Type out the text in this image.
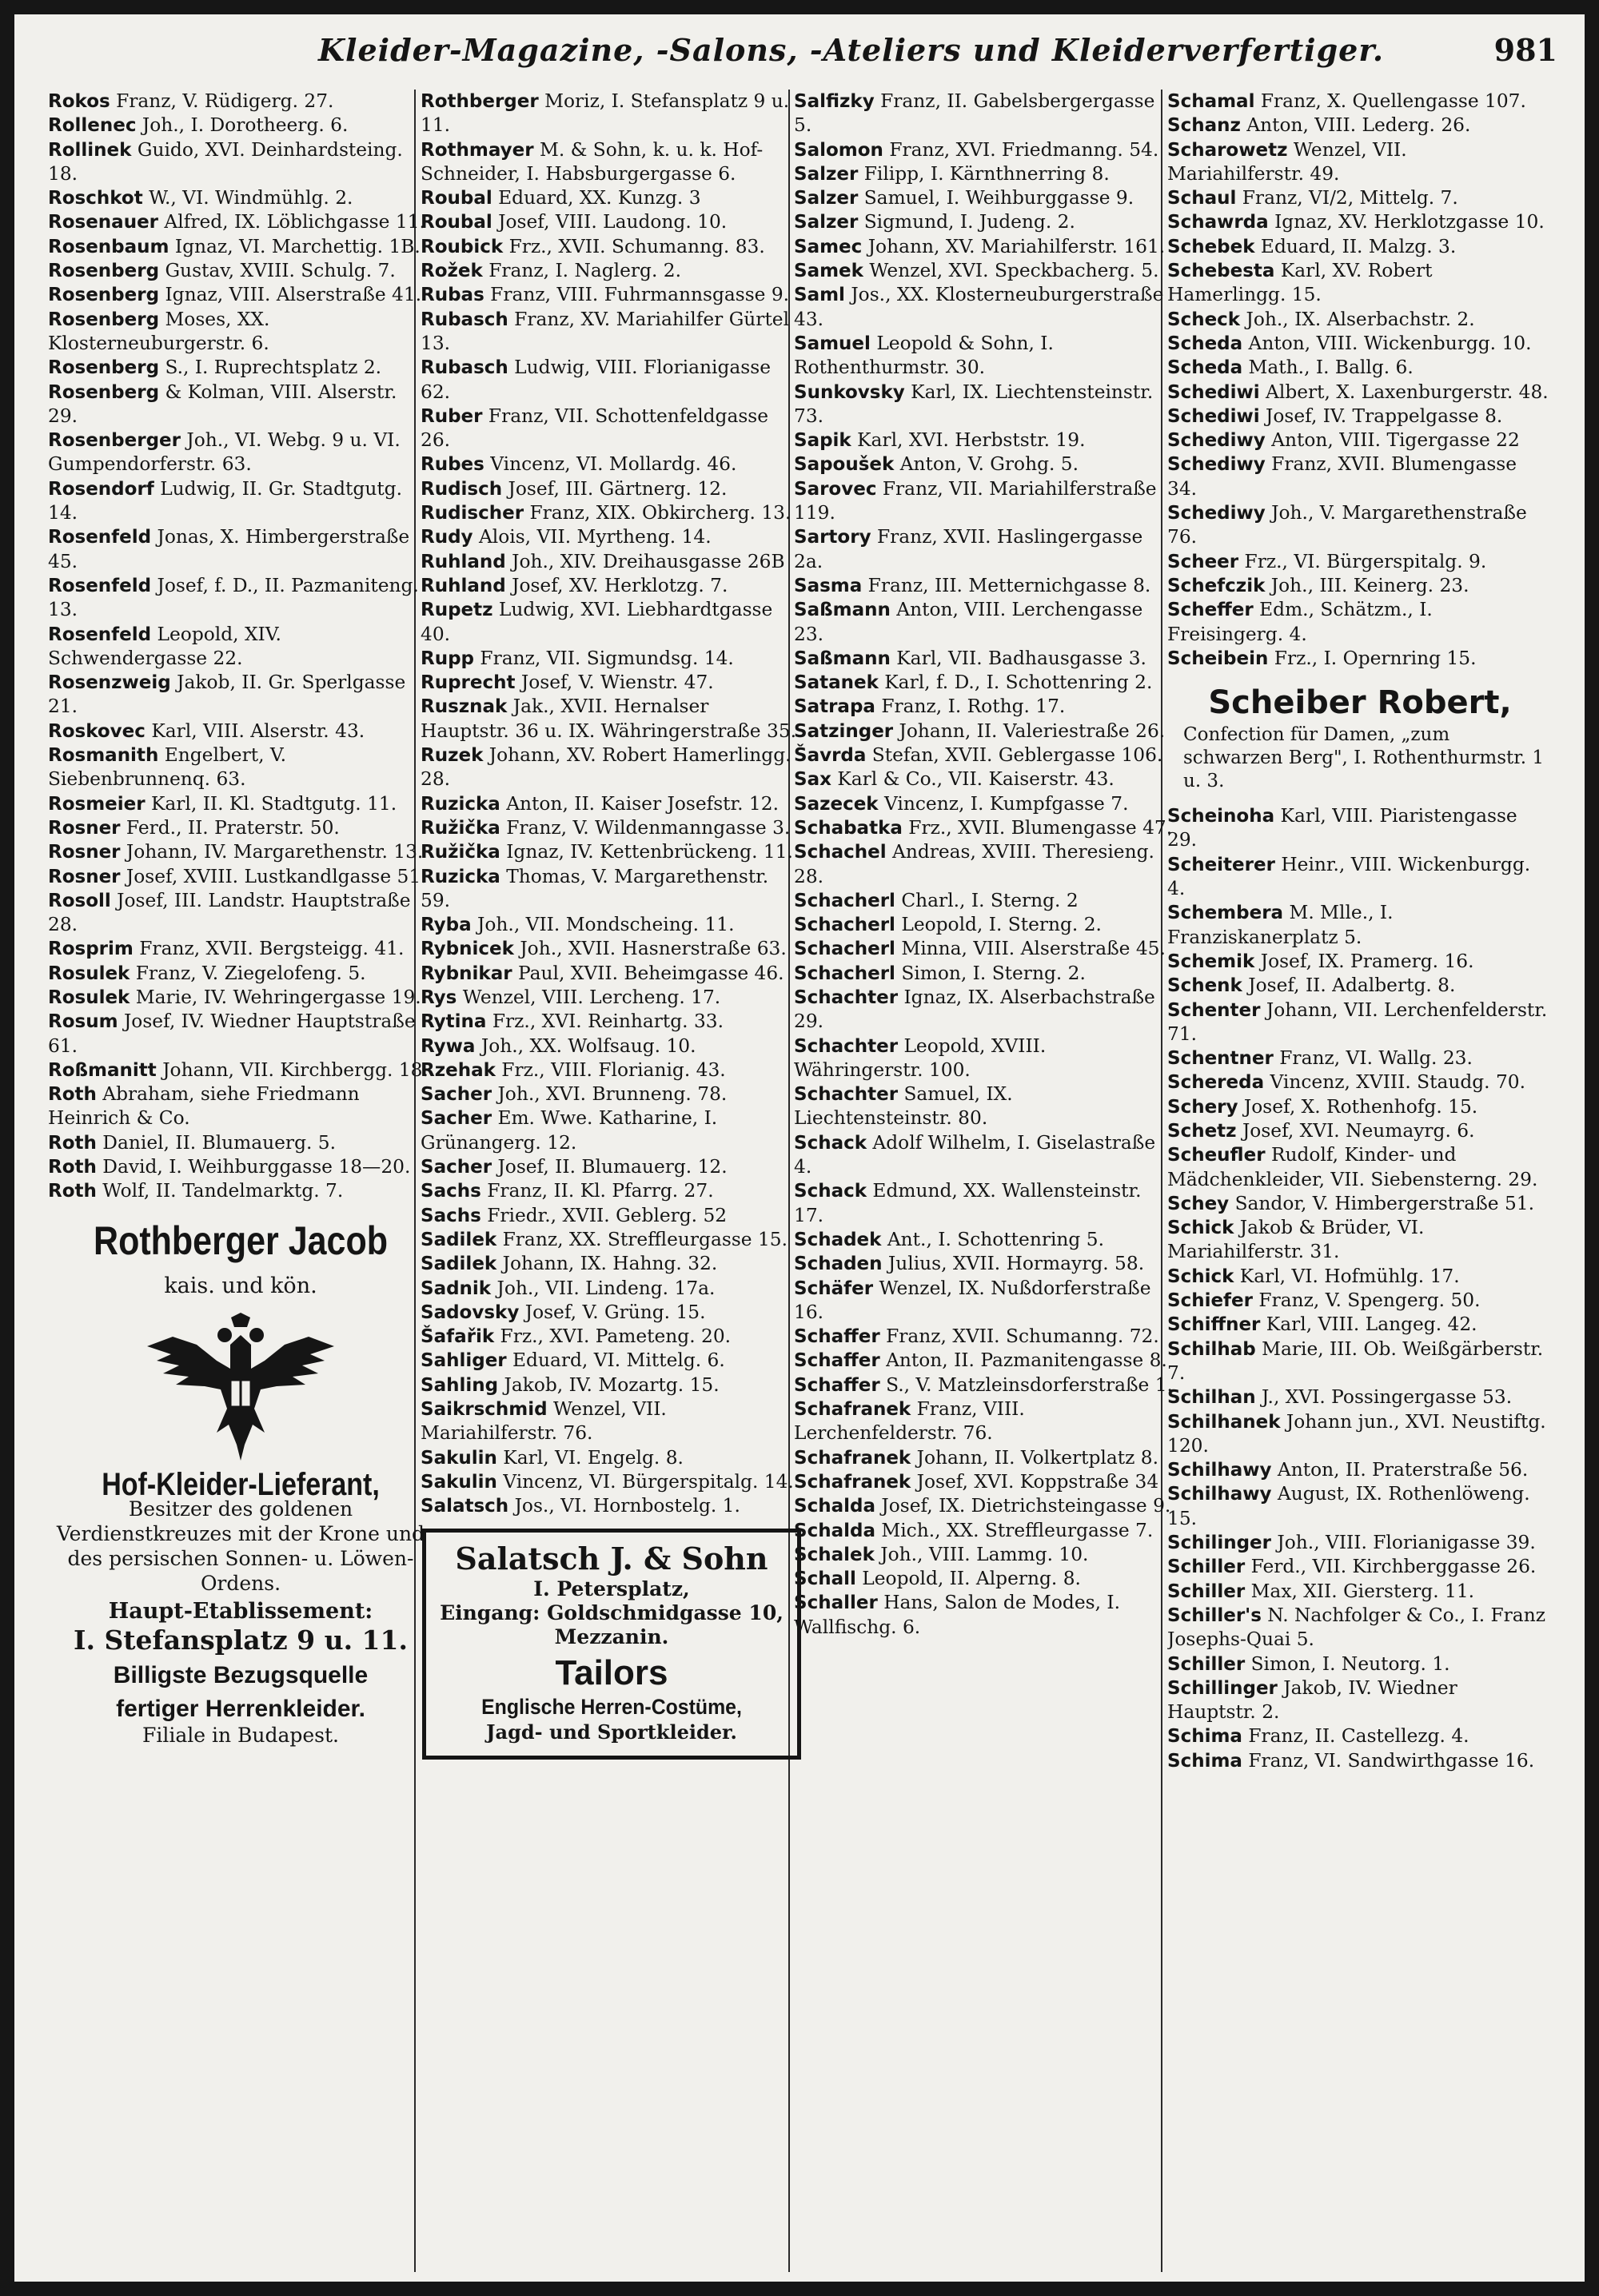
Kleider-Magazine, -Salons, -Ateliers und Kleiderverfertiger.	981
Rokos Franz, V. Rüdigerg. 27.
Rollenec Joh., I. Dorotheerg. 6.
Rollinek Guido, XVI. Deinhardsteing. 18.
Roschkot W., VI. Windmühlg. 2.
Rosenauer Alfred, IX. Löblichgasse 11.
Rosenbaum Ignaz, VI. Marchettig. 1B.
Rosenberg Gustav, XVIII. Schulg. 7.
Rosenberg Ignaz, VIII. Alserstraße 41.
Rosenberg Moses, XX. Klosterneuburgerstr. 6.
Rosenberg S., I. Ruprechtsplatz 2.
Rosenberg & Kolman, VIII. Alserstr. 29.
Rosenberger Joh., VI. Webg. 9 u. VI. Gumpendorferstr. 63.
Rosendorf Ludwig, II. Gr. Stadtgutg. 14.
Rosenfeld Jonas, X. Himbergerstraße 45.
Rosenfeld Josef, f. D., II. Pazmaniteng. 13.
Rosenfeld Leopold, XIV. Schwendergasse 22.
Rosenzweig Jakob, II. Gr. Sperlgasse 21.
Roskovec Karl, VIII. Alserstr. 43.
Rosmanith Engelbert, V. Siebenbrunnenq. 63.
Rosmeier Karl, II. Kl. Stadtgutg. 11.
Rosner Ferd., II. Praterstr. 50.
Rosner Johann, IV. Margarethenstr. 13.
Rosner Josef, XVIII. Lustkandlgasse 51.
Rosoll Josef, III. Landstr. Hauptstraße 28.
Rosprim Franz, XVII. Bergsteigg. 41.
Rosulek Franz, V. Ziegelofeng. 5.
Rosulek Marie, IV. Wehringergasse 19.
Rosum Josef, IV. Wiedner Hauptstraße 61.
Roßmanitt Johann, VII. Kirchbergg. 18.
Roth Abraham, siehe Friedmann Heinrich & Co.
Roth Daniel, II. Blumauerg. 5.
Roth David, I. Weihburggasse 18—20.
Roth Wolf, II. Tandelmarktg. 7.
Rothberger Jacob
kais. und kön.
Hof-Kleider-Lieferant,
Besitzer des goldenen Verdienstkreuzes mit der Krone und des persischen Sonnen- u. Löwen-Ordens.
Haupt-Etablissement:
I. Stefansplatz 9 u. 11.
Billigste Bezugsquelle
fertiger Herrenkleider.
Filiale in Budapest.
Rothberger Moriz, I. Stefansplatz 9 u. 11.
Rothmayer M. & Sohn, k. u. k. Hof-Schneider, I. Habsburgergasse 6.
Roubal Eduard, XX. Kunzg. 3
Roubal Josef, VIII. Laudong. 10.
Roubick Frz., XVII. Schumanng. 83.
Rožek Franz, I. Naglerg. 2.
Rubas Franz, VIII. Fuhrmannsgasse 9.
Rubasch Franz, XV. Mariahilfer Gürtel 13.
Rubasch Ludwig, VIII. Florianigasse 62.
Ruber Franz, VII. Schottenfeldgasse 26.
Rubes Vincenz, VI. Mollardg. 46.
Rudisch Josef, III. Gärtnerg. 12.
Rudischer Franz, XIX. Obkircherg. 13.
Rudy Alois, VII. Myrtheng. 14.
Ruhland Joh., XIV. Dreihausgasse 26B
Ruhland Josef, XV. Herklotzg. 7.
Rupetz Ludwig, XVI. Liebhardtgasse 40.
Rupp Franz, VII. Sigmundsg. 14.
Ruprecht Josef, V. Wienstr. 47.
Rusznak Jak., XVII. Hernalser Hauptstr. 36 u. IX. Währingerstraße 35.
Ruzek Johann, XV. Robert Hamerlingg. 28.
Ruzicka Anton, II. Kaiser Josefstr. 12.
Ružička Franz, V. Wildenmanngasse 3.
Ružička Ignaz, IV. Kettenbrückeng. 11.
Ruzicka Thomas, V. Margarethenstr. 59.
Ryba Joh., VII. Mondscheing. 11.
Rybnicek Joh., XVII. Hasnerstraße 63.
Rybnikar Paul, XVII. Beheimgasse 46.
Rys Wenzel, VIII. Lercheng. 17.
Rytina Frz., XVI. Reinhartg. 33.
Rywa Joh., XX. Wolfsaug. 10.
Rzehak Frz., VIII. Florianig. 43.
Sacher Joh., XVI. Brunneng. 78.
Sacher Em. Wwe. Katharine, I. Grünangerg. 12.
Sacher Josef, II. Blumauerg. 12.
Sachs Franz, II. Kl. Pfarrg. 27.
Sachs Friedr., XVII. Geblerg. 52
Sadilek Franz, XX. Streffleurgasse 15.
Sadilek Johann, IX. Hahng. 32.
Sadnik Joh., VII. Lindeng. 17a.
Sadovsky Josef, V. Grüng. 15.
Šafařik Frz., XVI. Pameteng. 20.
Sahliger Eduard, VI. Mittelg. 6.
Sahling Jakob, IV. Mozartg. 15.
Saikrschmid Wenzel, VII. Mariahilferstr. 76.
Sakulin Karl, VI. Engelg. 8.
Sakulin Vincenz, VI. Bürgerspitalg. 14.
Salatsch Jos., VI. Hornbostelg. 1.
Salatsch J. & Sohn
I. Petersplatz,
Eingang: Goldschmidgasse 10, Mezzanin.
Tailors
Englische Herren-Costüme,
Jagd- und Sportkleider.
Salfizky Franz, II. Gabelsbergergasse 5.
Salomon Franz, XVI. Friedmanng. 54.
Salzer Filipp, I. Kärnthnerring 8.
Salzer Samuel, I. Weihburggasse 9.
Salzer Sigmund, I. Judeng. 2.
Samec Johann, XV. Mariahilferstr. 161.
Samek Wenzel, XVI. Speckbacherg. 5.
Saml Jos., XX. Klosterneuburgerstraße 43.
Samuel Leopold & Sohn, I. Rothenthurmstr. 30.
Sunkovsky Karl, IX. Liechtensteinstr. 73.
Sapik Karl, XVI. Herbststr. 19.
Sapoušek Anton, V. Grohg. 5.
Sarovec Franz, VII. Mariahilferstraße 119.
Sartory Franz, XVII. Haslingergasse 2a.
Sasma Franz, III. Metternichgasse 8.
Saßmann Anton, VIII. Lerchengasse 23.
Saßmann Karl, VII. Badhausgasse 3.
Satanek Karl, f. D., I. Schottenring 2.
Satrapa Franz, I. Rothg. 17.
Satzinger Johann, II. Valeriestraße 26.
Šavrda Stefan, XVII. Geblergasse 106.
Sax Karl & Co., VII. Kaiserstr. 43.
Sazecek Vincenz, I. Kumpfgasse 7.
Schabatka Frz., XVII. Blumengasse 47.
Schachel Andreas, XVIII. Theresieng. 28.
Schacherl Charl., I. Sterng. 2
Schacherl Leopold, I. Sterng. 2.
Schacherl Minna, VIII. Alserstraße 45.
Schacherl Simon, I. Sterng. 2.
Schachter Ignaz, IX. Alserbachstraße 29.
Schachter Leopold, XVIII. Währingerstr. 100.
Schachter Samuel, IX. Liechtensteinstr. 80.
Schack Adolf Wilhelm, I. Giselastraße 4.
Schack Edmund, XX. Wallensteinstr. 17.
Schadek Ant., I. Schottenring 5.
Schaden Julius, XVII. Hormayrg. 58.
Schäfer Wenzel, IX. Nußdorferstraße 16.
Schaffer Franz, XVII. Schumanng. 72.
Schaffer Anton, II. Pazmanitengasse 8.
Schaffer S., V. Matzleinsdorferstraße 1.
Schafranek Franz, VIII. Lerchenfelderstr. 76.
Schafranek Johann, II. Volkertplatz 8.
Schafranek Josef, XVI. Koppstraße 34
Schalda Josef, IX. Dietrichsteingasse 9.
Schalda Mich., XX. Streffleurgasse 7.
Schalek Joh., VIII. Lammg. 10.
Schall Leopold, II. Alperng. 8.
Schaller Hans, Salon de Modes, I. Wallfischg. 6.
Schamal Franz, X. Quellengasse 107.
Schanz Anton, VIII. Lederg. 26.
Scharowetz Wenzel, VII. Mariahilferstr. 49.
Schaul Franz, VI/2, Mittelg. 7.
Schawrda Ignaz, XV. Herklotzgasse 10.
Schebek Eduard, II. Malzg. 3.
Schebesta Karl, XV. Robert Hamerlingg. 15.
Scheck Joh., IX. Alserbachstr. 2.
Scheda Anton, VIII. Wickenburgg. 10.
Scheda Math., I. Ballg. 6.
Schediwi Albert, X. Laxenburgerstr. 48.
Schediwi Josef, IV. Trappelgasse 8.
Schediwy Anton, VIII. Tigergasse 22
Schediwy Franz, XVII. Blumengasse 34.
Schediwy Joh., V. Margarethenstraße 76.
Scheer Frz., VI. Bürgerspitalg. 9.
Schefczik Joh., III. Keinerg. 23.
Scheffer Edm., Schätzm., I. Freisingerg. 4.
Scheibein Frz., I. Opernring 15.
Scheiber Robert,
Confection für Damen, „zum schwarzen Berg", I. Rothenthurmstr. 1 u. 3.
Scheinoha Karl, VIII. Piaristengasse 29.
Scheiterer Heinr., VIII. Wickenburgg. 4.
Schembera M. Mlle., I. Franziskanerplatz 5.
Schemik Josef, IX. Pramerg. 16.
Schenk Josef, II. Adalbertg. 8.
Schenter Johann, VII. Lerchenfelderstr. 71.
Schentner Franz, VI. Wallg. 23.
Schereda Vincenz, XVIII. Staudg. 70.
Schery Josef, X. Rothenhofg. 15.
Schetz Josef, XVI. Neumayrg. 6.
Scheufler Rudolf, Kinder- und Mädchenkleider, VII. Siebensterng. 29.
Schey Sandor, V. Himbergerstraße 51.
Schick Jakob & Brüder, VI. Mariahilferstr. 31.
Schick Karl, VI. Hofmühlg. 17.
Schiefer Franz, V. Spengerg. 50.
Schiffner Karl, VIII. Langeg. 42.
Schilhab Marie, III. Ob. Weißgärberstr. 7.
Schilhan J., XVI. Possingergasse 53.
Schilhanek Johann jun., XVI. Neustiftg. 120.
Schilhawy Anton, II. Praterstraße 56.
Schilhawy August, IX. Rothenlöweng. 15.
Schilinger Joh., VIII. Florianigasse 39.
Schiller Ferd., VII. Kirchberggasse 26.
Schiller Max, XII. Giersterg. 11.
Schiller's N. Nachfolger & Co., I. Franz Josephs-Quai 5.
Schiller Simon, I. Neutorg. 1.
Schillinger Jakob, IV. Wiedner Hauptstr. 2.
Schima Franz, II. Castellezg. 4.
Schima Franz, VI. Sandwirthgasse 16.
